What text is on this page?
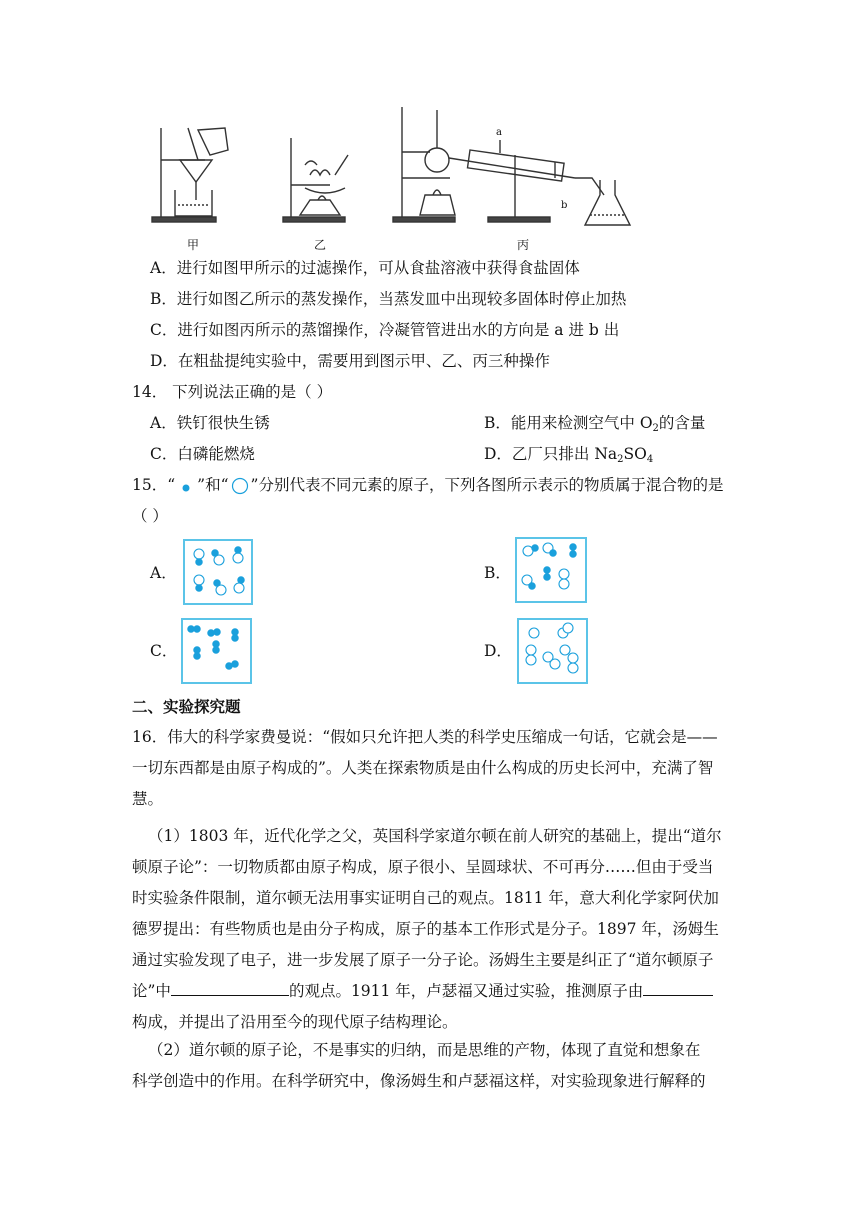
甲	乙	丙
a
b
A．进行如图甲所示的过滤操作，可从食盐溶液中获得食盐固体
B．进行如图乙所示的蒸发操作，当蒸发皿中出现较多固体时停止加热
C．进行如图丙所示的蒸馏操作，冷凝管管进出水的方向是 a 进 b 出
D．在粗盐提纯实验中，需要用到图示甲、乙、丙三种操作
14． 下列说法正确的是（ ）
A．铁钉很快生锈	B．能用来检测空气中 $O_2$的含量
C．白磷能燃烧	D．乙厂只排出 $Na_2SO_4$
15．“ ”和“ ”分别代表不同元素的原子，下列各图所示表示的物质属于混合物的是
（ ）
A．	B．
C．	D．
二、实验探究题
16．伟大的科学家费曼说：“假如只允许把人类的科学史压缩成一句话，它就会是——
一切东西都是由原子构成的”。人类在探索物质是由什么构成的历史长河中，充满了智
慧。
（1）1803 年，近代化学之父，英国科学家道尔顿在前人研究的基础上，提出“道尔
顿原子论”：一切物质都由原子构成，原子很小、呈圆球状、不可再分……但由于受当
时实验条件限制，道尔顿无法用事实证明自己的观点。1811 年，意大利化学家阿伏加
德罗提出：有些物质也是由分子构成，原子的基本工作形式是分子。1897 年，汤姆生
通过实验发现了电子，进一步发展了原子一分子论。汤姆生主要是纠正了“道尔顿原子
论”中	的观点。1911 年，卢瑟福又通过实验，推测原子由
构成，并提出了沿用至今的现代原子结构理论。
（2）道尔顿的原子论，不是事实的归纳，而是思维的产物，体现了直觉和想象在
科学创造中的作用。在科学研究中，像汤姆生和卢瑟福这样，对实验现象进行解释的
